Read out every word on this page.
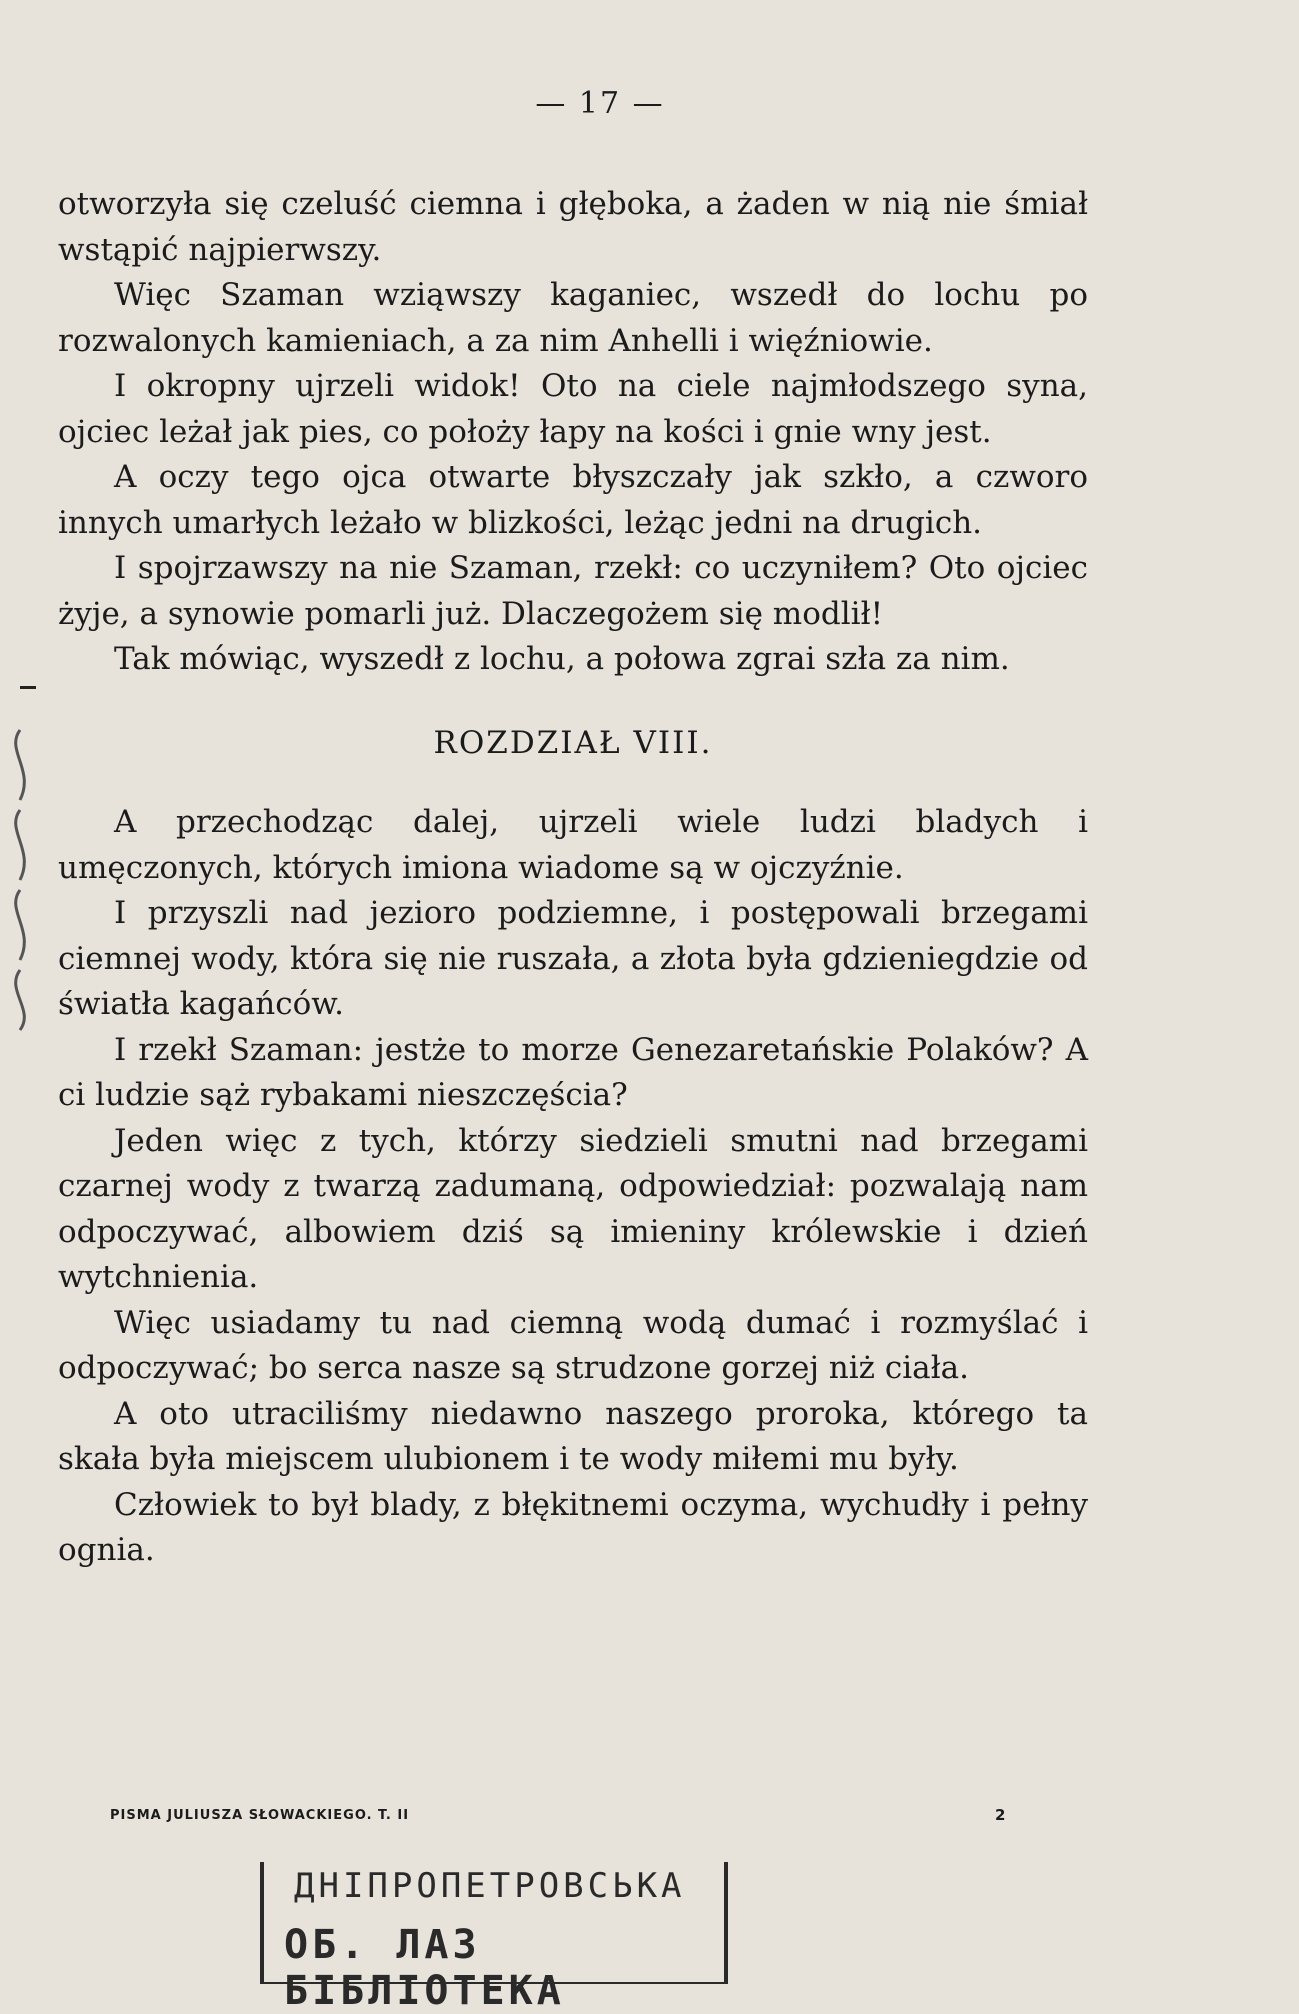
— 17 —

otworzyła się czeluść ciemna i głęboka, a żaden w nią nie śmiał wstąpić najpierwszy.

Więc Szaman wziąwszy kaganiec, wszedł do lochu po rozwalonych kamieniach, a za nim Anhelli i więźniowie.

I okropny ujrzeli widok! Oto na ciele najmłodszego syna, ojciec leżał jak pies, co położy łapy na kości i gnie wny jest.

A oczy tego ojca otwarte błyszczały jak szkło, a czworo innych umarłych leżało w blizkości, leżąc jedni na drugich.

I spojrzawszy na nie Szaman, rzekł: co uczyniłem? Oto ojciec żyje, a synowie pomarli już. Dlaczegożem się modlił!

Tak mówiąc, wyszedł z lochu, a połowa zgrai szła za nim.

ROZDZIAŁ VIII.

A przechodząc dalej, ujrzeli wiele ludzi bladych i umęczonych, których imiona wiadome są w ojczyźnie.

I przyszli nad jezioro podziemne, i postępowali brzegami ciemnej wody, która się nie ruszała, a złota była gdzieniegdzie od światła kagańców.

I rzekł Szaman: jestże to morze Genezaretańskie Polaków? A ci ludzie sąż rybakami nieszczęścia?

Jeden więc z tych, którzy siedzieli smutni nad brzegami czarnej wody z twarzą zadumaną, odpowiedział: pozwalają nam odpoczywać, albowiem dziś są imieniny królewskie i dzień wytchnienia.

Więc usiadamy tu nad ciemną wodą dumać i rozmyślać i odpoczywać; bo serca nasze są strudzone gorzej niż ciała.

A oto utraciliśmy niedawno naszego proroka, którego ta skała była miejscem ulubionem i te wody miłemi mu były.

Człowiek to był blady, z błękitnemi oczyma, wychudły i pełny ognia.

PISMA JULIUSZA SŁOWACKIEGO. T. II	2
ДНІПРОПЕТРОВСЬКА
ОБ. ЛАЗ БІБЛІОТЕКА
